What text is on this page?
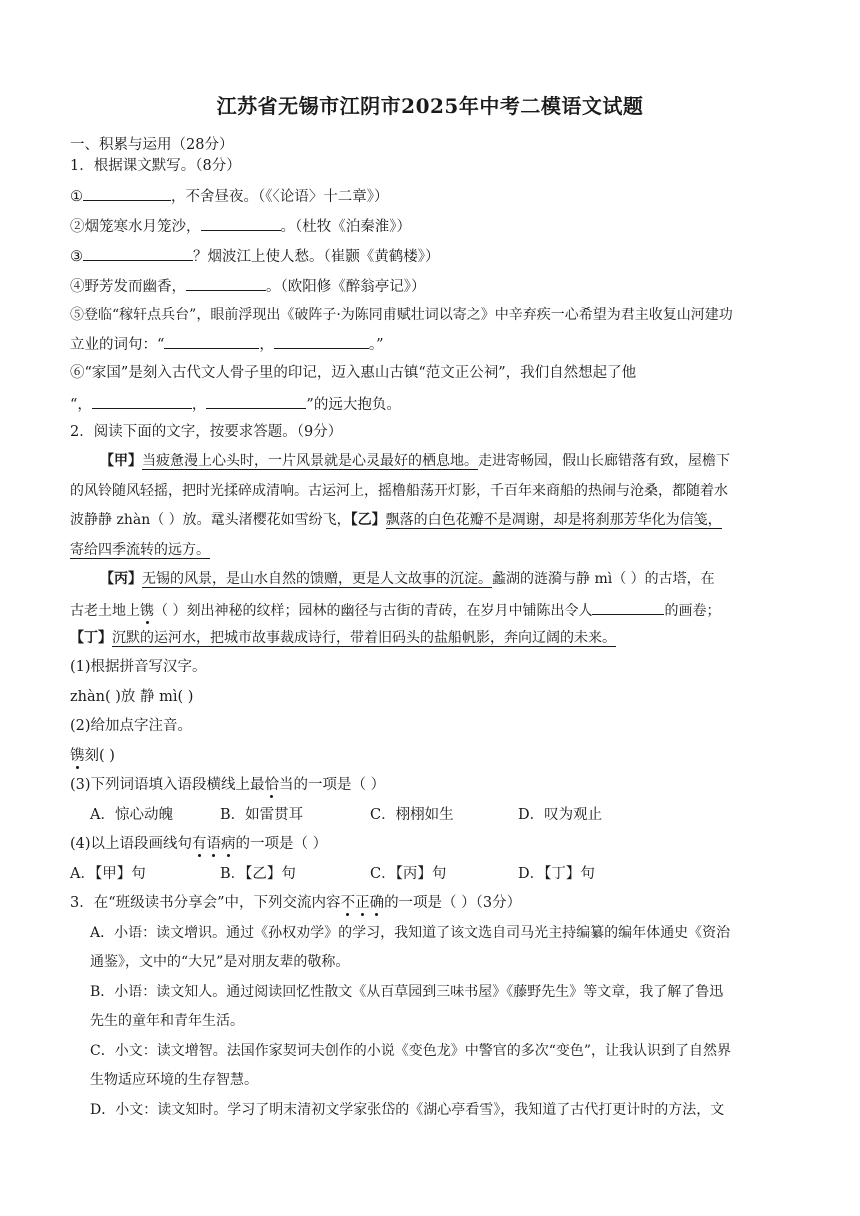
江苏省无锡市江阴市2025年中考二模语文试题
一、积累与运用（28分）
1．根据课文默写。（8分）
①	，不舍昼夜。（《〈论语〉十二章》）
②烟笼寒水月笼沙，	。（杜牧《泊秦淮》）
③	？烟波江上使人愁。（崔颢《黄鹤楼》）
④野芳发而幽香，	。（欧阳修《醉翁亭记》）
⑤登临“稼轩点兵台”，眼前浮现出《破阵子·为陈同甫赋壮词以寄之》中辛弃疾一心希望为君主收复山河建功
立业的词句：“	，	。”
⑥“家国”是刻入古代文人骨子里的印记，迈入惠山古镇“范文正公祠”，我们自然想起了他
“，	，	”的远大抱负。
2．阅读下面的文字，按要求答题。（9分）
【甲】当疲惫漫上心头时，一片风景就是心灵最好的栖息地。走进寄畅园，假山长廊错落有致，屋檐下
的风铃随风轻摇，把时光揉碎成清响。古运河上，摇橹船荡开灯影，千百年来商船的热闹与沧桑，都随着水
波静静 zhàn（ ）放。鼋头渚樱花如雪纷飞，【乙】飘落的白色花瓣不是凋谢，却是将刹那芳华化为信笺，
寄给四季流转的远方。
【丙】无锡的风景，是山水自然的馈赠，更是人文故事的沉淀。蠡湖的涟漪与静 mì（ ）的古塔，在
古老土地上镌（ ）刻出神秘的纹样；园林的幽径与古街的青砖，在岁月中铺陈出令人	的画卷；
【丁】沉默的运河水，把城市故事裁成诗行，带着旧码头的盐船帆影，奔向辽阔的未来。
(1)根据拼音写汉字。
zhàn( )放 静 mì( )
(2)给加点字注音。
镌刻( )
(3)下列词语填入语段横线上最恰当的一项是（ ）
A．惊心动魄	B．如雷贯耳	C．栩栩如生	D．叹为观止
(4)以上语段画线句有语病的一项是（ ）
A．【甲】句	B．【乙】句	C．【丙】句	D．【丁】句
3．在“班级读书分享会”中，下列交流内容不正确的一项是（ ）（3分）
A．小语：读文增识。通过《孙权劝学》的学习，我知道了该文选自司马光主持编纂的编年体通史《资治
通鉴》，文中的“大兄”是对朋友辈的敬称。
B．小语：读文知人。通过阅读回忆性散文《从百草园到三味书屋》《藤野先生》等文章，我了解了鲁迅
先生的童年和青年生活。
C．小文：读文增智。法国作家契诃夫创作的小说《变色龙》中警官的多次“变色”，让我认识到了自然界
生物适应环境的生存智慧。
D．小文：读文知时。学习了明末清初文学家张岱的《湖心亭看雪》，我知道了古代打更计时的方法，文
